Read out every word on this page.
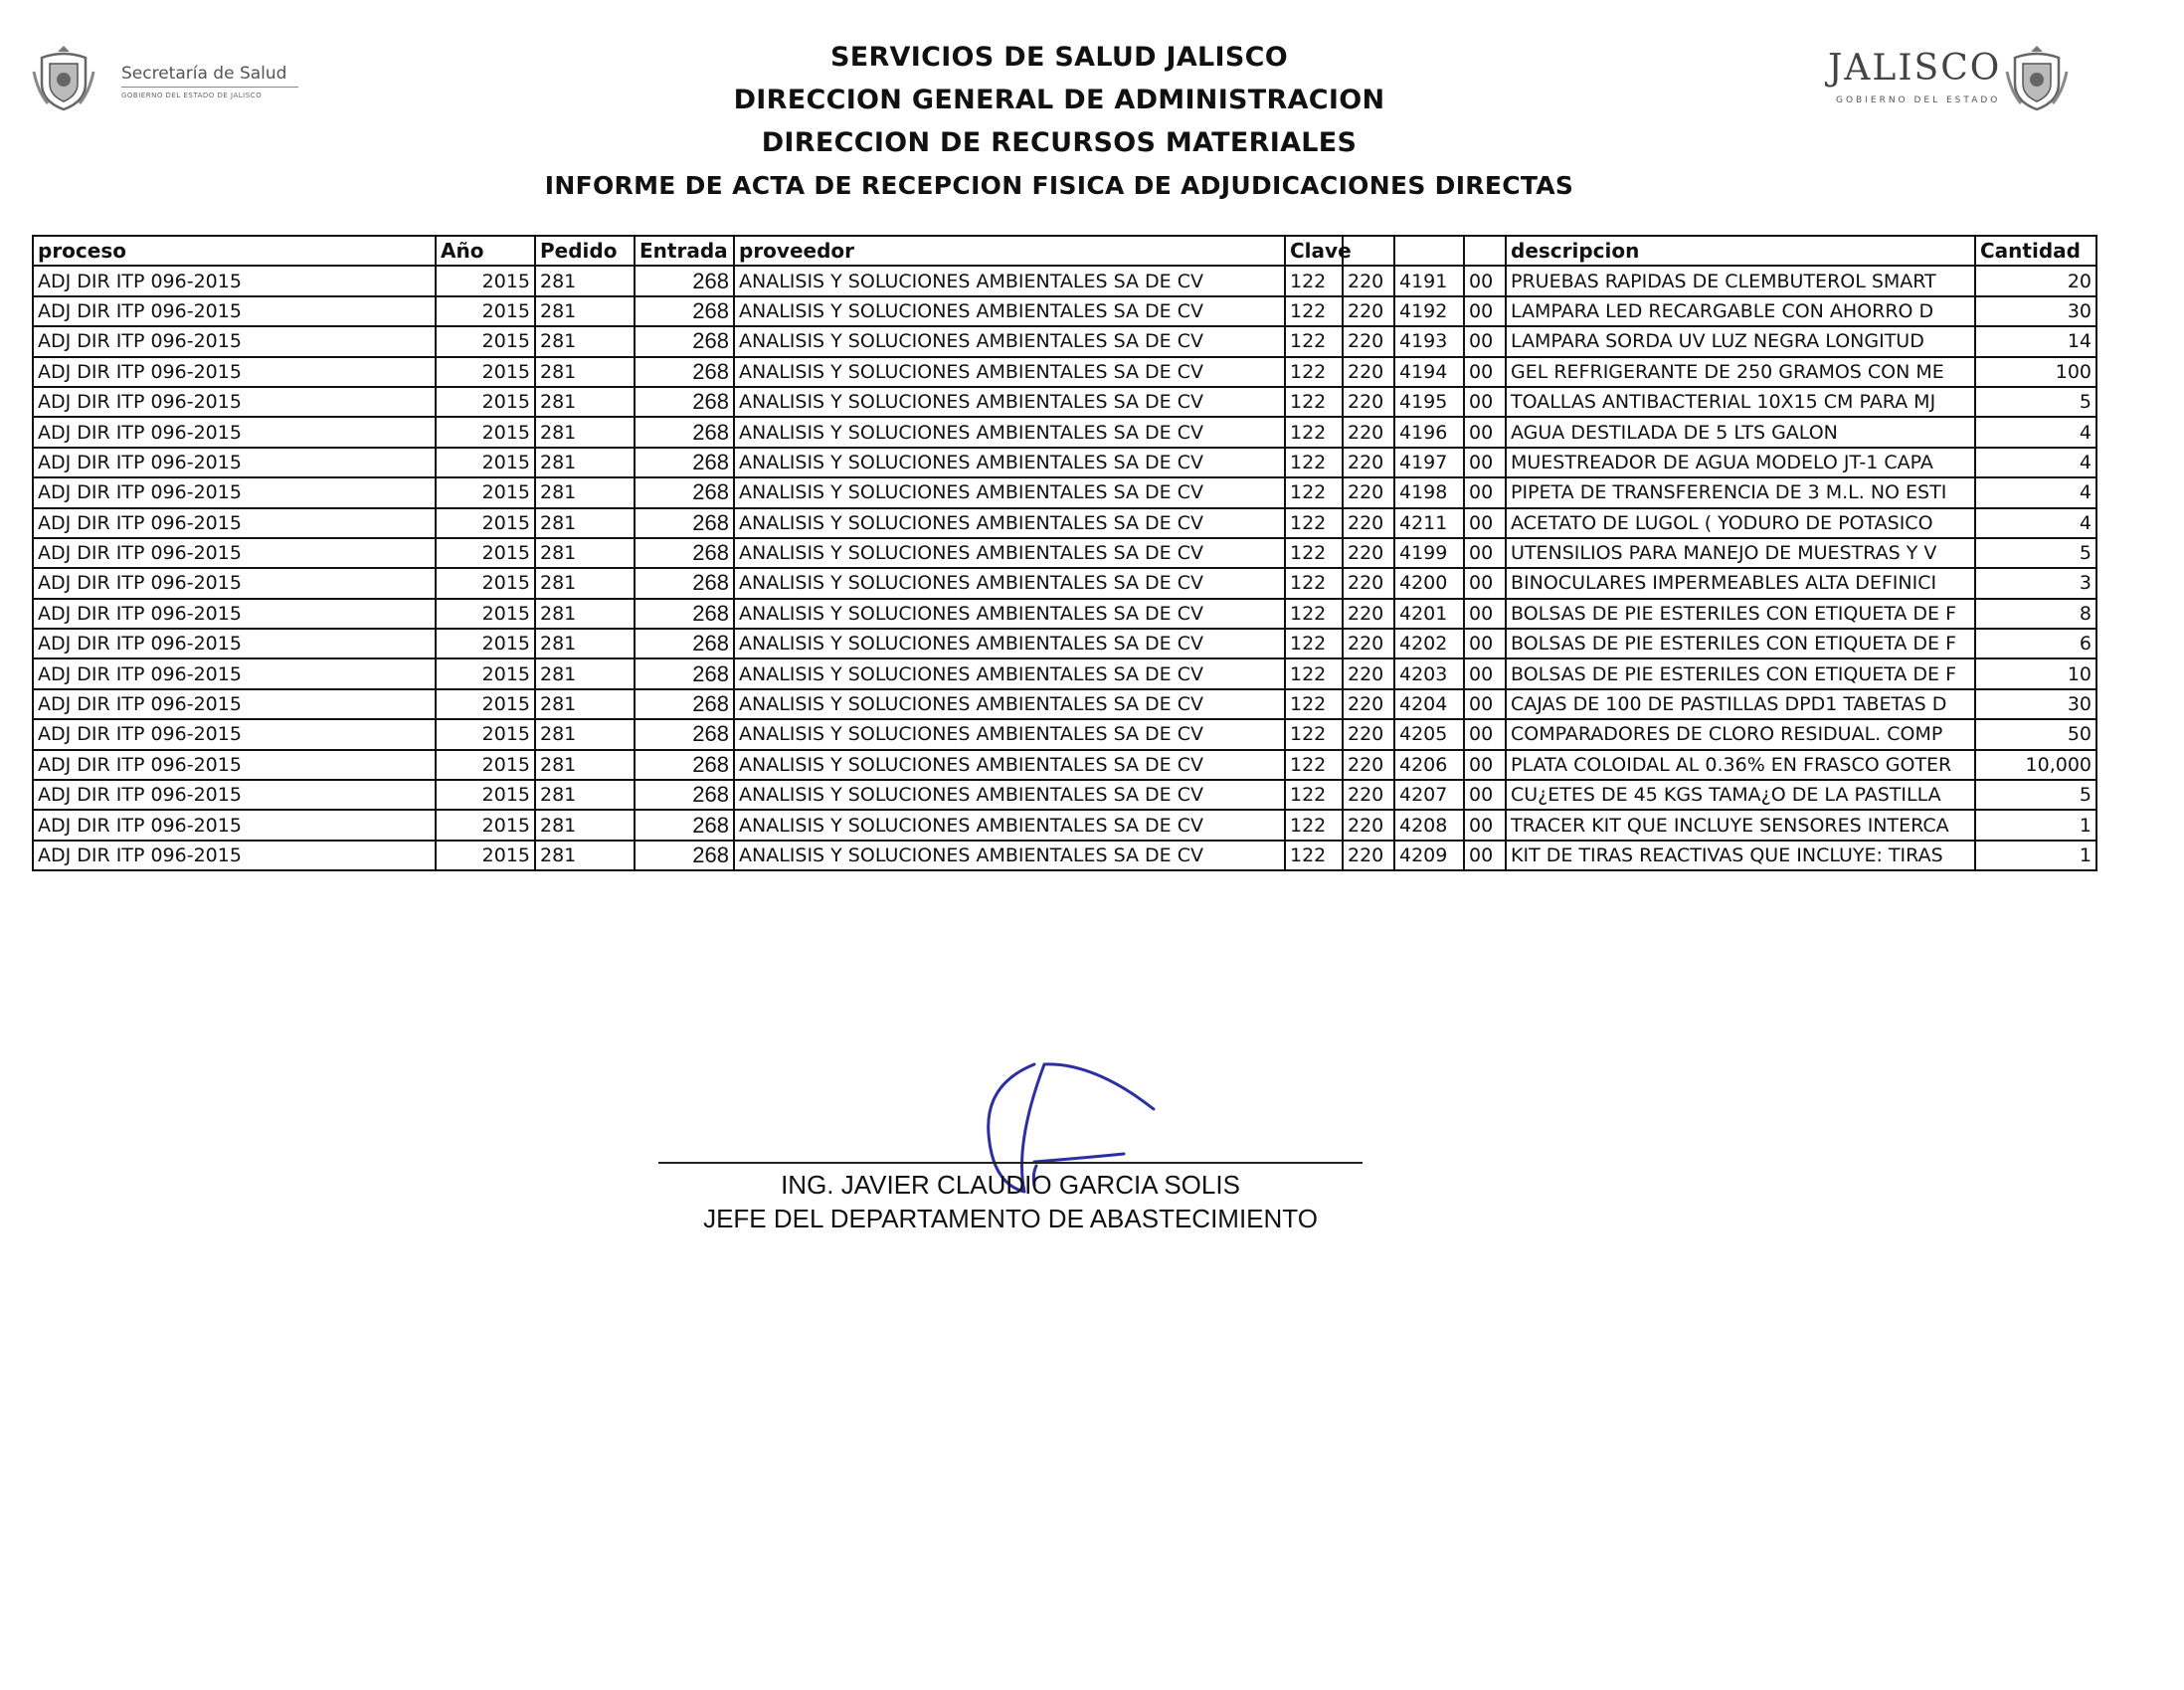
Secretaría de Salud
GOBIERNO DEL ESTADO DE JALISCO
JALISCO
GOBIERNO DEL ESTADO
SERVICIOS DE SALUD JALISCO
DIRECCION GENERAL DE ADMINISTRACION
DIRECCION DE RECURSOS MATERIALES
INFORME DE ACTA DE RECEPCION FISICA DE ADJUDICACIONES DIRECTAS
proceso	Año	Pedido	Entrada	proveedor	Clave				descripcion	Cantidad
ADJ DIR ITP 096-2015	2015	281	268	ANALISIS Y SOLUCIONES AMBIENTALES SA DE CV	122	220	4191	00	PRUEBAS RAPIDAS DE CLEMBUTEROL SMART	20
ADJ DIR ITP 096-2015	2015	281	268	ANALISIS Y SOLUCIONES AMBIENTALES SA DE CV	122	220	4192	00	LAMPARA LED RECARGABLE CON AHORRO D	30
ADJ DIR ITP 096-2015	2015	281	268	ANALISIS Y SOLUCIONES AMBIENTALES SA DE CV	122	220	4193	00	LAMPARA SORDA UV LUZ NEGRA LONGITUD	14
ADJ DIR ITP 096-2015	2015	281	268	ANALISIS Y SOLUCIONES AMBIENTALES SA DE CV	122	220	4194	00	GEL REFRIGERANTE DE 250 GRAMOS CON ME	100
ADJ DIR ITP 096-2015	2015	281	268	ANALISIS Y SOLUCIONES AMBIENTALES SA DE CV	122	220	4195	00	TOALLAS ANTIBACTERIAL 10X15 CM PARA MJ	5
ADJ DIR ITP 096-2015	2015	281	268	ANALISIS Y SOLUCIONES AMBIENTALES SA DE CV	122	220	4196	00	AGUA DESTILADA DE 5 LTS GALON	4
ADJ DIR ITP 096-2015	2015	281	268	ANALISIS Y SOLUCIONES AMBIENTALES SA DE CV	122	220	4197	00	MUESTREADOR DE AGUA MODELO JT-1 CAPA	4
ADJ DIR ITP 096-2015	2015	281	268	ANALISIS Y SOLUCIONES AMBIENTALES SA DE CV	122	220	4198	00	PIPETA DE TRANSFERENCIA DE 3 M.L. NO ESTI	4
ADJ DIR ITP 096-2015	2015	281	268	ANALISIS Y SOLUCIONES AMBIENTALES SA DE CV	122	220	4211	00	ACETATO DE LUGOL ( YODURO DE POTASICO	4
ADJ DIR ITP 096-2015	2015	281	268	ANALISIS Y SOLUCIONES AMBIENTALES SA DE CV	122	220	4199	00	UTENSILIOS PARA MANEJO DE MUESTRAS Y V	5
ADJ DIR ITP 096-2015	2015	281	268	ANALISIS Y SOLUCIONES AMBIENTALES SA DE CV	122	220	4200	00	BINOCULARES IMPERMEABLES ALTA DEFINICI	3
ADJ DIR ITP 096-2015	2015	281	268	ANALISIS Y SOLUCIONES AMBIENTALES SA DE CV	122	220	4201	00	BOLSAS DE PIE ESTERILES CON ETIQUETA DE F	8
ADJ DIR ITP 096-2015	2015	281	268	ANALISIS Y SOLUCIONES AMBIENTALES SA DE CV	122	220	4202	00	BOLSAS DE PIE ESTERILES CON ETIQUETA DE F	6
ADJ DIR ITP 096-2015	2015	281	268	ANALISIS Y SOLUCIONES AMBIENTALES SA DE CV	122	220	4203	00	BOLSAS DE PIE ESTERILES CON ETIQUETA DE F	10
ADJ DIR ITP 096-2015	2015	281	268	ANALISIS Y SOLUCIONES AMBIENTALES SA DE CV	122	220	4204	00	CAJAS DE 100 DE PASTILLAS DPD1 TABETAS D	30
ADJ DIR ITP 096-2015	2015	281	268	ANALISIS Y SOLUCIONES AMBIENTALES SA DE CV	122	220	4205	00	COMPARADORES DE CLORO RESIDUAL. COMP	50
ADJ DIR ITP 096-2015	2015	281	268	ANALISIS Y SOLUCIONES AMBIENTALES SA DE CV	122	220	4206	00	PLATA COLOIDAL AL 0.36% EN FRASCO GOTER	10,000
ADJ DIR ITP 096-2015	2015	281	268	ANALISIS Y SOLUCIONES AMBIENTALES SA DE CV	122	220	4207	00	CU¿ETES DE 45 KGS TAMA¿O DE LA PASTILLA	5
ADJ DIR ITP 096-2015	2015	281	268	ANALISIS Y SOLUCIONES AMBIENTALES SA DE CV	122	220	4208	00	TRACER KIT QUE INCLUYE SENSORES INTERCA	1
ADJ DIR ITP 096-2015	2015	281	268	ANALISIS Y SOLUCIONES AMBIENTALES SA DE CV	122	220	4209	00	KIT DE TIRAS REACTIVAS QUE INCLUYE: TIRAS	1
ING. JAVIER CLAUDIO GARCIA SOLIS
JEFE DEL DEPARTAMENTO DE ABASTECIMIENTO
